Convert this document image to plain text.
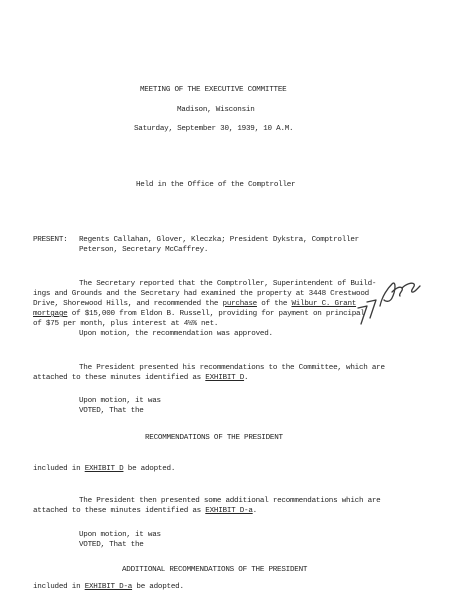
MEETING OF THE EXECUTIVE COMMITTEE
Madison, Wisconsin
Saturday, September 30, 1939, 10 A.M.
Held in the Office of the Comptroller
PRESENT: Regents Callahan, Glover, Kleczka; President Dykstra, Comptroller
Peterson, Secretary McCaffrey.
The Secretary reported that the Comptroller, Superintendent of Build-
ings and Grounds and the Secretary had examined the property at 3448 Crestwood
Drive, Shorewood Hills, and recommended the purchase of the Wilbur C. Grant
mortgage of $15,000 from Eldon B. Russell, providing for payment on principal
of $75 per month, plus interest at 4½% net.
Upon motion, the recommendation was approved.
The President presented his recommendations to the Committee, which are
attached to these minutes identified as EXHIBIT D.
Upon motion, it was
VOTED, That the
RECOMMENDATIONS OF THE PRESIDENT
included in EXHIBIT D be adopted.
The President then presented some additional recommendations which are
attached to these minutes identified as EXHIBIT D-a.
Upon motion, it was
VOTED, That the
ADDITIONAL RECOMMENDATIONS OF THE PRESIDENT
included in EXHIBIT D-a be adopted.
